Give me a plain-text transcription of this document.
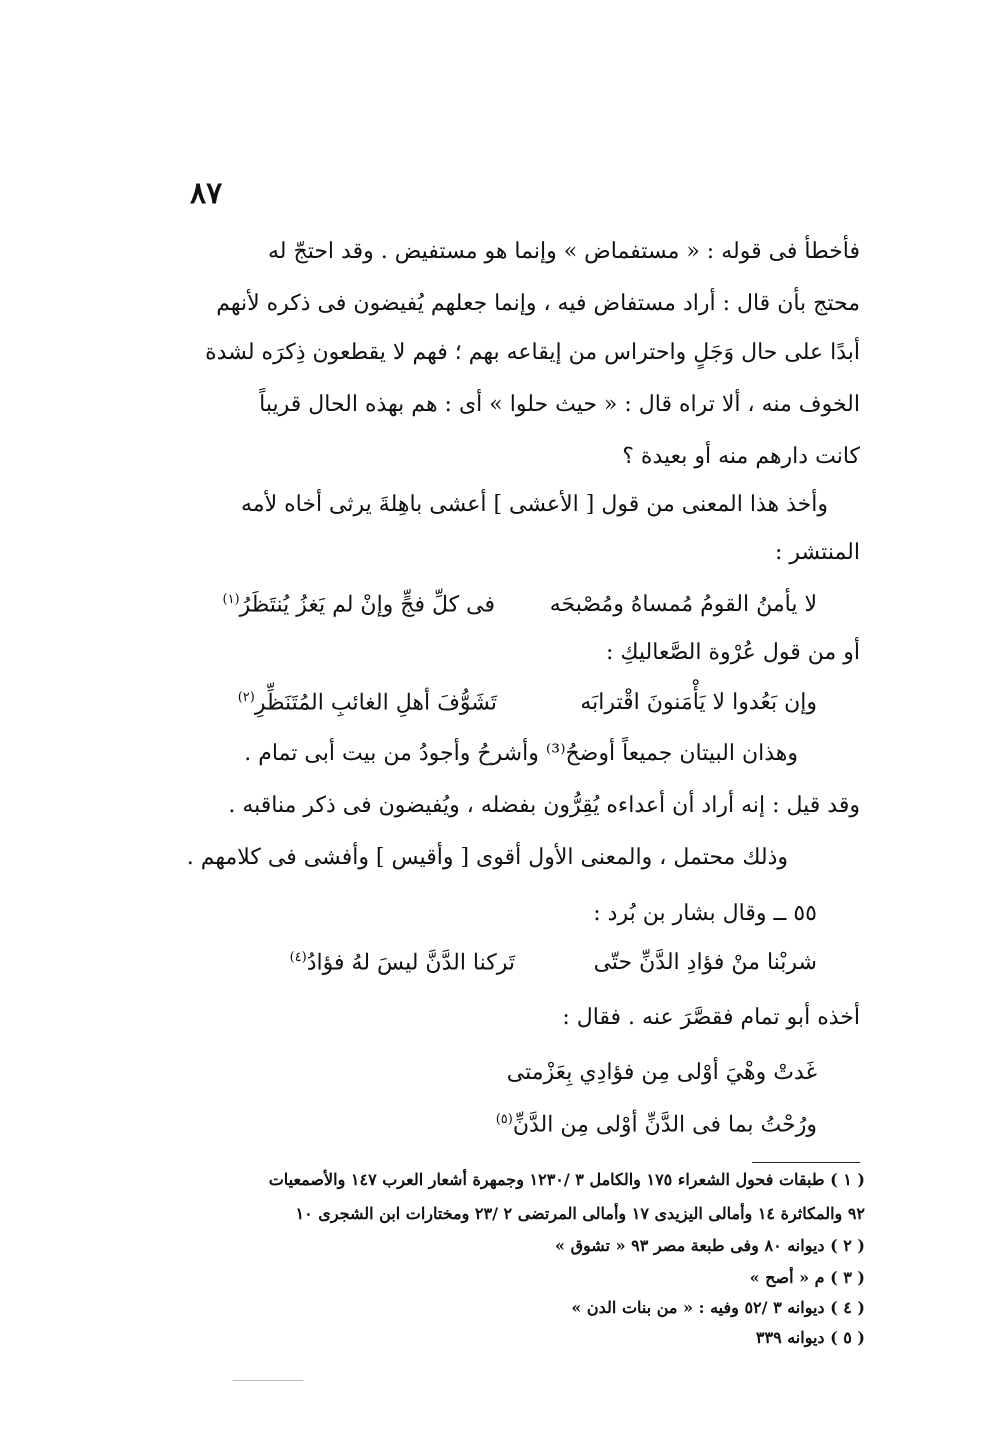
٨٧
فأخطأ فى قوله : « مستفماض » وإنما هو مستفيض . وقد احتجّ له
محتج بأن قال : أراد مستفاض فيه ، وإنما جعلهم يُفيضون فى ذكره لأنهم
أبدًا على حال وَجَلٍ واحتراس من إيقاعه بهم ؛ فهم لا يقطعون ذِكرَه لشدة
الخوف منه ، ألا تراه قال : « حيث حلوا » أى : هم بهذه الحال قريباً
كانت دارهم منه أو بعيدة ؟
وأخذ هذا المعنى من قول [ الأعشى ] أعشى باهِلةَ يرثى أخاه لأمه
المنتشر :
لا يأمنُ القومُ مُمساهُ ومُصْبحَه
فى كلِّ فجٍّ وإنْ لم يَغزُ يُنتَظَرُ$^{(١)}$
أو من قول عُرْوة الصَّعاليكِ :
وإن بَعُدوا لا يَأْمَنونَ اقْترابَه
تَشَوُّفَ أهلِ الغائبِ المُتَنَظِّرِ$^{(٢)}$
وهذان البيتان جميعاً أوضحُ⁽³⁾ وأشرحُ وأجودُ من بيت أبى تمام .
وقد قيل : إنه أراد أن أعداءه يُقِرُّون بفضله ، ويُفيضون فى ذكر مناقبه .
وذلك محتمل ، والمعنى الأول أقوى [ وأقيس ] وأفشى فى كلامهم .
٥٥ ــ وقال بشار بن بُرد :
شربْنا منْ فؤادِ الدَّنِّ حتّى
تَركنا الدَّنَّ ليسَ لهُ فؤادُ$^{(٤)}$
أخذه أبو تمام فقصَّرَ عنه . فقال :
غَدتْ وهْيَ أوْلى مِن فؤادِي بِعَزْمتى
ورُحْتُ بما فى الدَّنِّ أوْلى مِن الدَّنِّ$^{(٥)}$
( ١ ) طبقات فحول الشعراء ١٧٥ والكامل ٣ /١٢٣٠ وجمهرة أشعار العرب ١٤٧ والأصمعيات
٩٢ والمكاثرة ١٤ وأمالى اليزيدى ١٧ وأمالى المرتضى ٢ /٢٣ ومختارات ابن الشجرى ١٠
( ٢ ) ديوانه ٨٠ وفى طبعة مصر ٩٣ « تشوق »
( ٣ ) م « أصح »
( ٤ ) ديوانه ٣ /٥٢ وفيه : « من بنات الدن »
( ٥ ) ديوانه ٣٣٩
